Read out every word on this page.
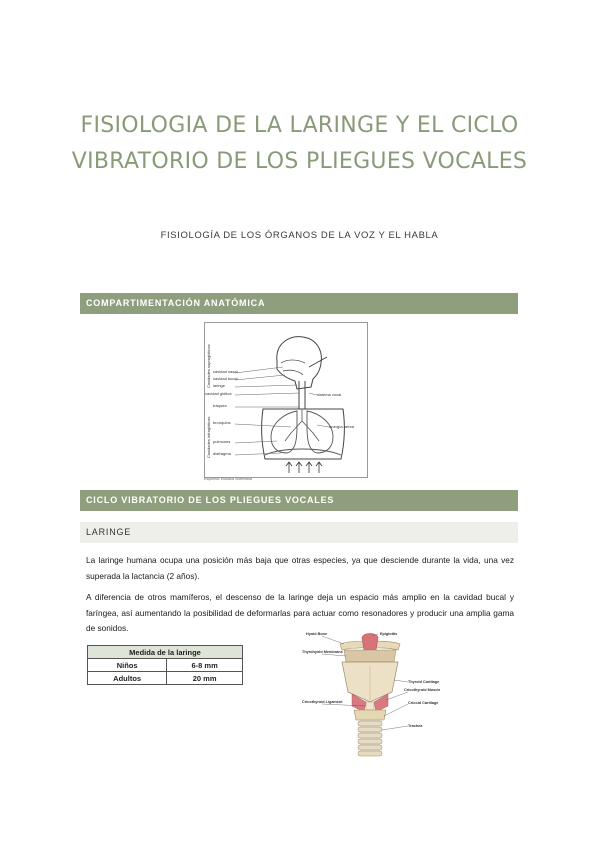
FISIOLOGIA DE LA LARINGE Y EL CICLO VIBRATORIO DE LOS PLIEGUES VOCALES

FISIOLOGÍA DE LOS ÓRGANOS DE LA VOZ Y EL HABLA

COMPARTIMENTACIÓN ANATÓMICA
cavidad nasal
cavidad bucal
laringe
cavidad glótica
tráquea
bronquios
pulmones
diafragma
sistema vocal
energía aérea
Cavidades supraglóticas
Cavidades infraglóticas
Esquema: Estudios Sistémicos
CICLO VIBRATORIO DE LOS PLIEGUES VOCALES
LARINGE

La laringe humana ocupa una posición más baja que otras especies, ya que desciende durante la vida, una vez superada la lactancia (2 años).

A diferencia de otros mamíferos, el descenso de la laringe deja un espacio más amplio en la cavidad bucal y faríngea, así aumentando la posibilidad de deformarlas para actuar como resonadores y producir una amplia gama de sonidos.

Medida de la laringe	
Niños	6-8 mm
Adultos	20 mm
Hyoid Bone	Epiglottis
Thyrohyoid Membrane
Thyroid Cartilage
Cricothyroid Muscles
Cricothyroid Ligament	Cricoid Cartilage
Trachea
